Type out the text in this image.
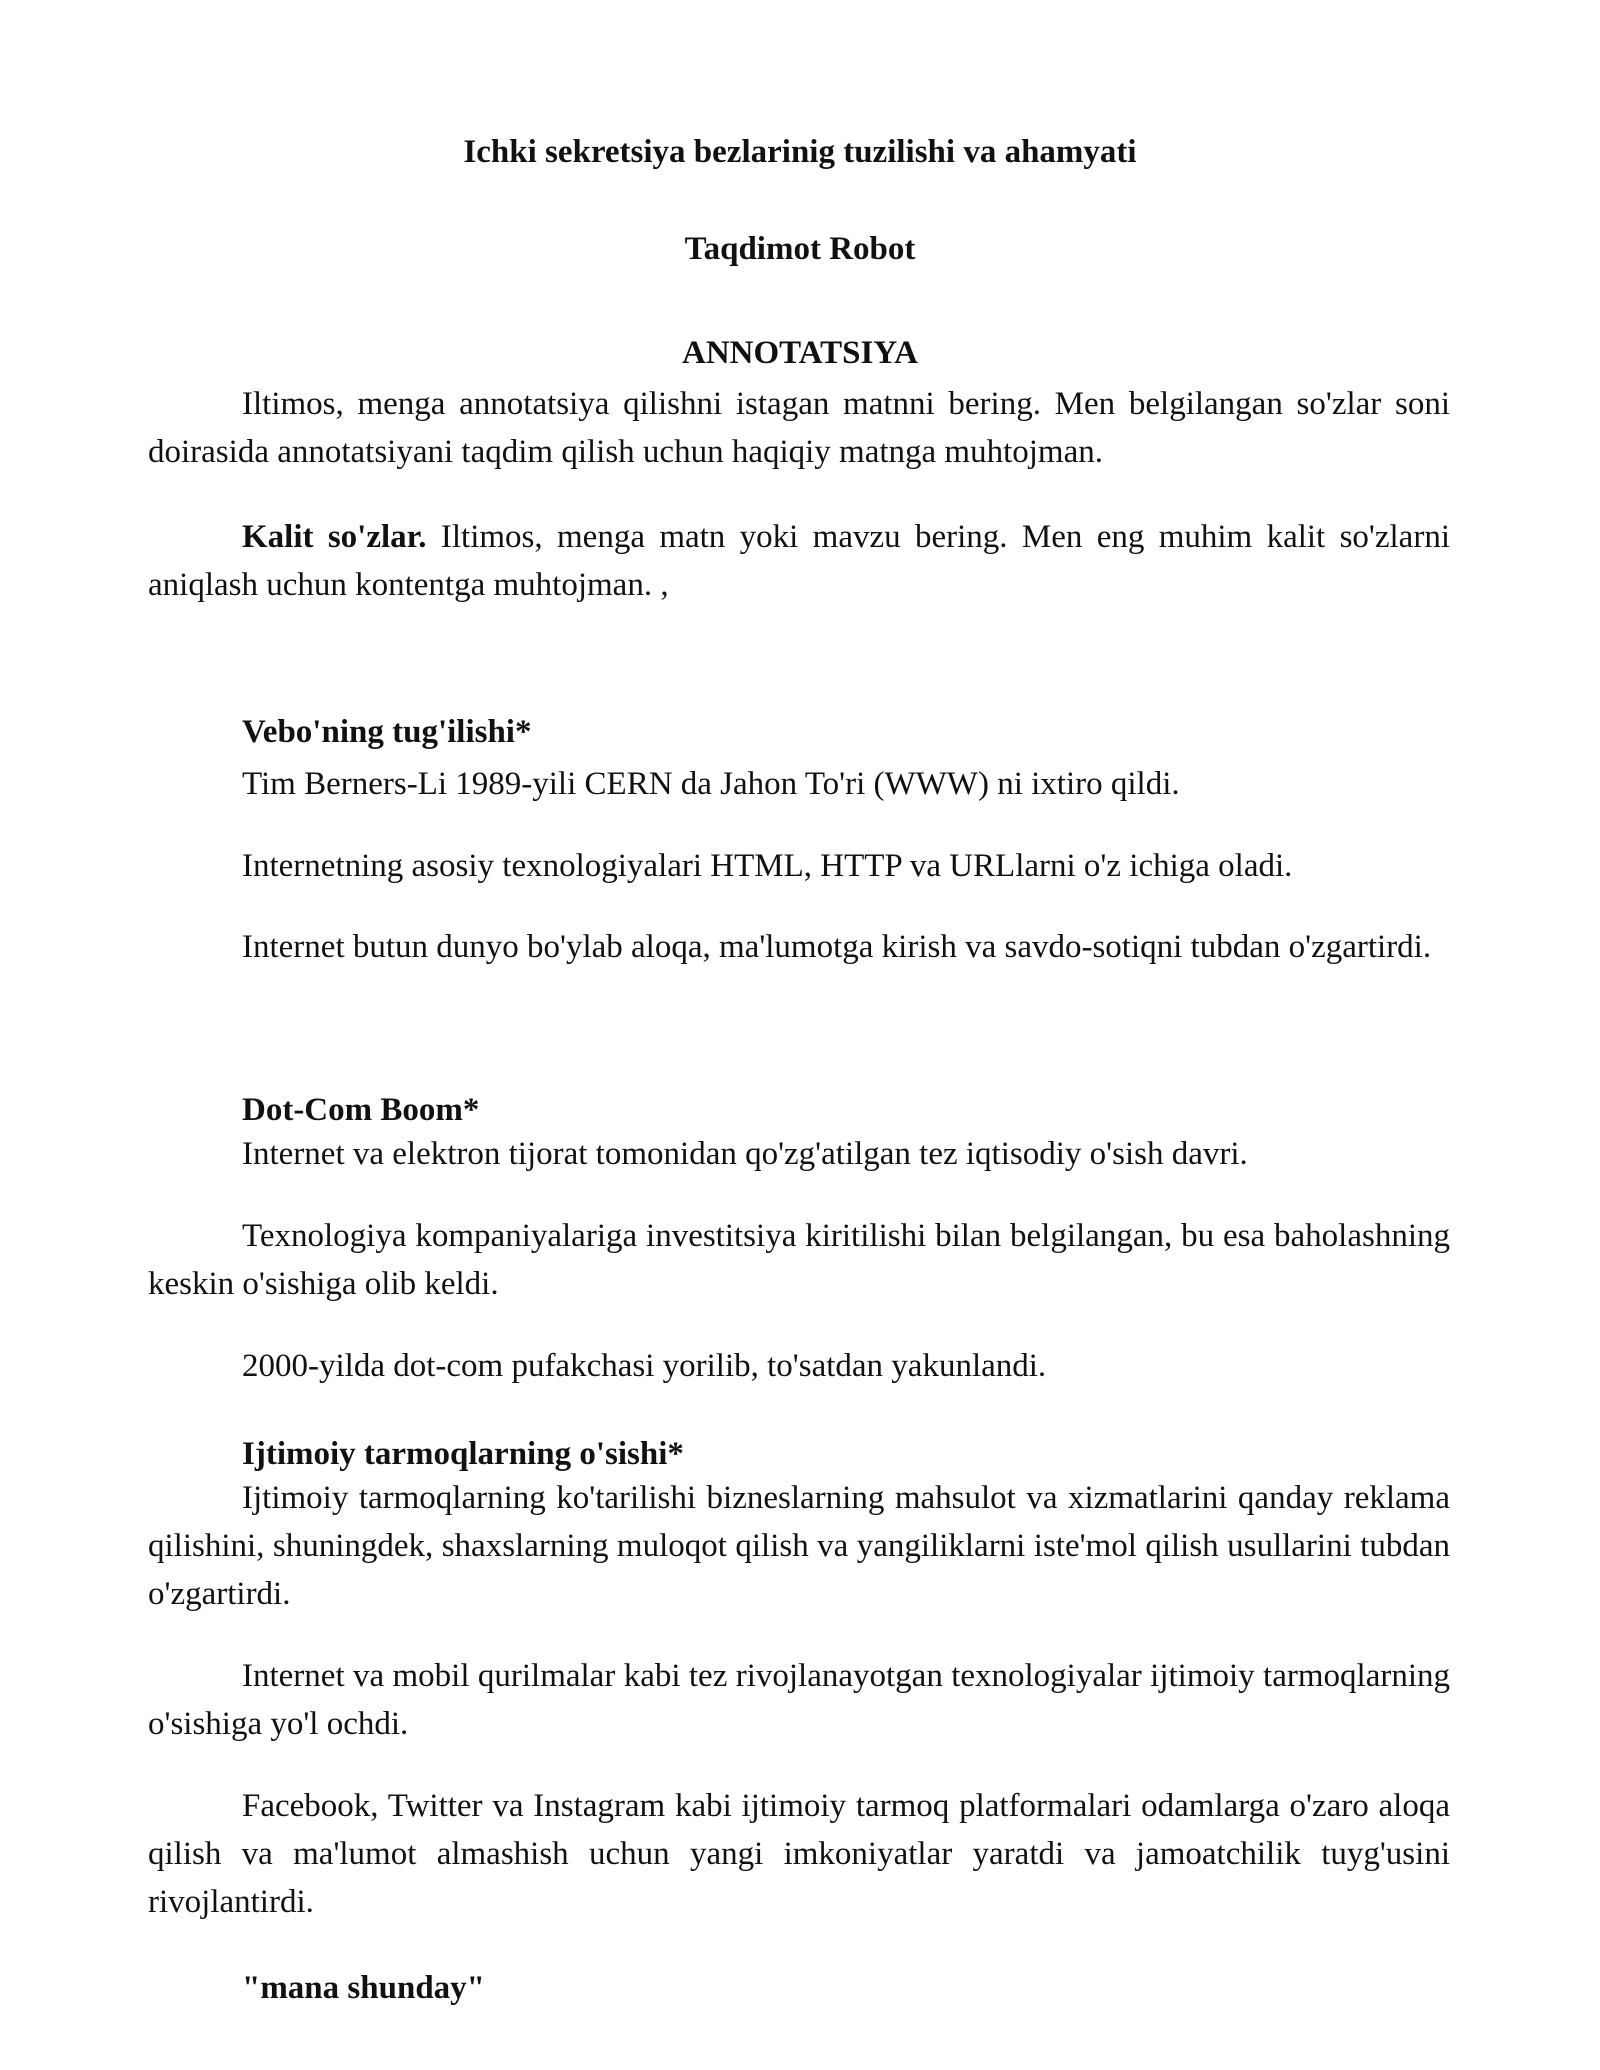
Ichki sekretsiya bezlarinig tuzilishi va ahamyati
Taqdimot Robot
ANNOTATSIYA

Iltimos, menga annotatsiya qilishni istagan matnni bering. Men belgilangan so'zlar soni doirasida annotatsiyani taqdim qilish uchun haqiqiy matnga muhtojman.

Kalit so'zlar. Iltimos, menga matn yoki mavzu bering. Men eng muhim kalit so'zlarni aniqlash uchun kontentga muhtojman. ,

Vebo'ning tug'ilishi*

Tim Berners-Li 1989-yili CERN da Jahon To'ri (WWW) ni ixtiro qildi.

Internetning asosiy texnologiyalari HTML, HTTP va URLlarni o'z ichiga oladi.

Internet butun dunyo bo'ylab aloqa, ma'lumotga kirish va savdo-sotiqni tubdan o'zgartirdi.

Dot-Com Boom*

Internet va elektron tijorat tomonidan qo'zg'atilgan tez iqtisodiy o'sish davri.

Texnologiya kompaniyalariga investitsiya kiritilishi bilan belgilangan, bu esa baholashning keskin o'sishiga olib keldi.

2000-yilda dot-com pufakchasi yorilib, to'satdan yakunlandi.

Ijtimoiy tarmoqlarning o'sishi*

Ijtimoiy tarmoqlarning ko'tarilishi bizneslarning mahsulot va xizmatlarini qanday reklama qilishini, shuningdek, shaxslarning muloqot qilish va yangiliklarni iste'mol qilish usullarini tubdan o'zgartirdi.

Internet va mobil qurilmalar kabi tez rivojlanayotgan texnologiyalar ijtimoiy tarmoqlarning o'sishiga yo'l ochdi.

Facebook, Twitter va Instagram kabi ijtimoiy tarmoq platformalari odamlarga o'zaro aloqa qilish va ma'lumot almashish uchun yangi imkoniyatlar yaratdi va jamoatchilik tuyg'usini rivojlantirdi.

"mana shunday"
